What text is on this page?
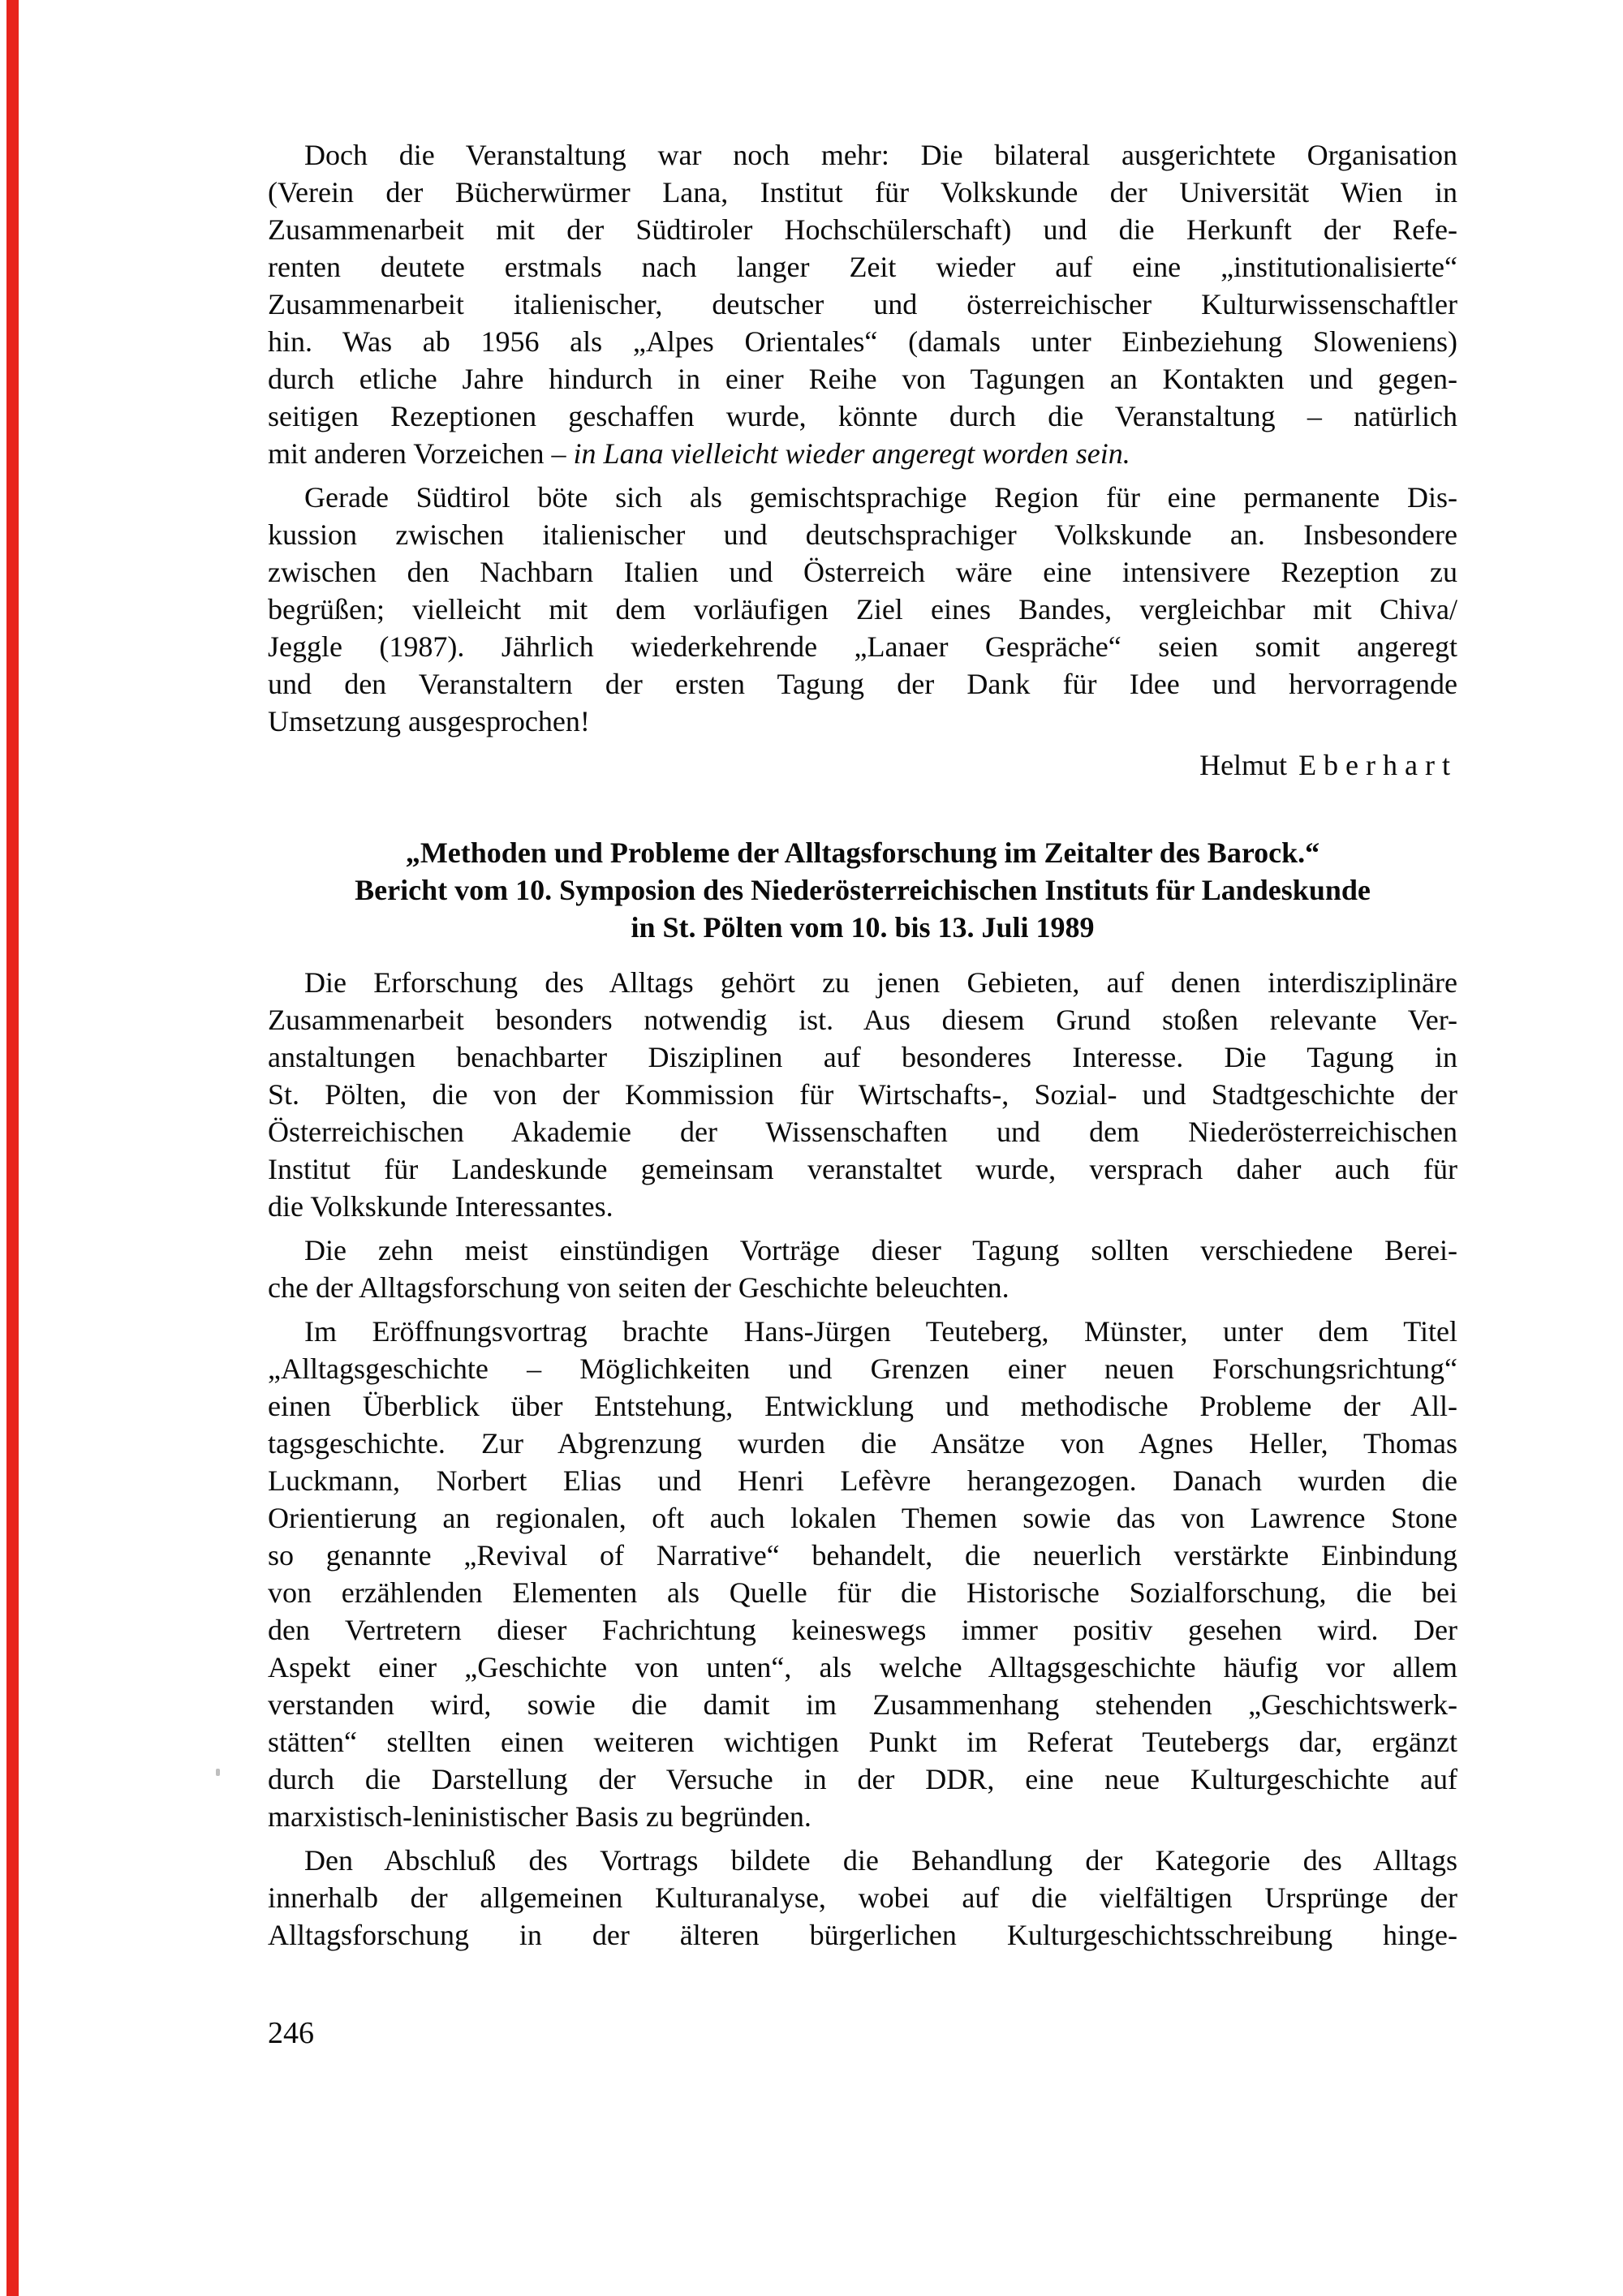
Doch die Veranstaltung war noch mehr: Die bilateral ausgerichtete Organisation
(Verein der Bücherwürmer Lana, Institut für Volkskunde der Universität Wien in
Zusammenarbeit mit der Südtiroler Hochschülerschaft) und die Herkunft der Refe-
renten deutete erstmals nach langer Zeit wieder auf eine „institutionalisierte“
Zusammenarbeit italienischer, deutscher und österreichischer Kulturwissenschaftler
hin. Was ab 1956 als „Alpes Orientales“ (damals unter Einbeziehung Sloweniens)
durch etliche Jahre hindurch in einer Reihe von Tagungen an Kontakten und gegen-
seitigen Rezeptionen geschaffen wurde, könnte durch die Veranstaltung – natürlich
mit anderen Vorzeichen – in Lana vielleicht wieder angeregt worden sein.

Gerade Südtirol böte sich als gemischtsprachige Region für eine permanente Dis-
kussion zwischen italienischer und deutschsprachiger Volkskunde an. Insbesondere
zwischen den Nachbarn Italien und Österreich wäre eine intensivere Rezeption zu
begrüßen; vielleicht mit dem vorläufigen Ziel eines Bandes, vergleichbar mit Chiva/
Jeggle (1987). Jährlich wiederkehrende „Lanaer Gespräche“ seien somit angeregt
und den Veranstaltern der ersten Tagung der Dank für Idee und hervorragende
Umsetzung ausgesprochen!

Helmut Eberhart
„Methoden und Probleme der Alltagsforschung im Zeitalter des Barock.“
Bericht vom 10. Symposion des Niederösterreichischen Instituts für Landeskunde
in St. Pölten vom 10. bis 13. Juli 1989

Die Erforschung des Alltags gehört zu jenen Gebieten, auf denen interdisziplinäre
Zusammenarbeit besonders notwendig ist. Aus diesem Grund stoßen relevante Ver-
anstaltungen benachbarter Disziplinen auf besonderes Interesse. Die Tagung in
St. Pölten, die von der Kommission für Wirtschafts-, Sozial- und Stadtgeschichte der
Österreichischen Akademie der Wissenschaften und dem Niederösterreichischen
Institut für Landeskunde gemeinsam veranstaltet wurde, versprach daher auch für
die Volkskunde Interessantes.

Die zehn meist einstündigen Vorträge dieser Tagung sollten verschiedene Berei-
che der Alltagsforschung von seiten der Geschichte beleuchten.

Im Eröffnungsvortrag brachte Hans-Jürgen Teuteberg, Münster, unter dem Titel
„Alltagsgeschichte – Möglichkeiten und Grenzen einer neuen Forschungsrichtung“
einen Überblick über Entstehung, Entwicklung und methodische Probleme der All-
tagsgeschichte. Zur Abgrenzung wurden die Ansätze von Agnes Heller, Thomas
Luckmann, Norbert Elias und Henri Lefèvre herangezogen. Danach wurden die
Orientierung an regionalen, oft auch lokalen Themen sowie das von Lawrence Stone
so genannte „Revival of Narrative“ behandelt, die neuerlich verstärkte Einbindung
von erzählenden Elementen als Quelle für die Historische Sozialforschung, die bei
den Vertretern dieser Fachrichtung keineswegs immer positiv gesehen wird. Der
Aspekt einer „Geschichte von unten“, als welche Alltagsgeschichte häufig vor allem
verstanden wird, sowie die damit im Zusammenhang stehenden „Geschichtswerk-
stätten“ stellten einen weiteren wichtigen Punkt im Referat Teutebergs dar, ergänzt
durch die Darstellung der Versuche in der DDR, eine neue Kulturgeschichte auf
marxistisch-leninistischer Basis zu begründen.

Den Abschluß des Vortrags bildete die Behandlung der Kategorie des Alltags
innerhalb der allgemeinen Kulturanalyse, wobei auf die vielfältigen Ursprünge der
Alltagsforschung in der älteren bürgerlichen Kulturgeschichtsschreibung hinge-

246
